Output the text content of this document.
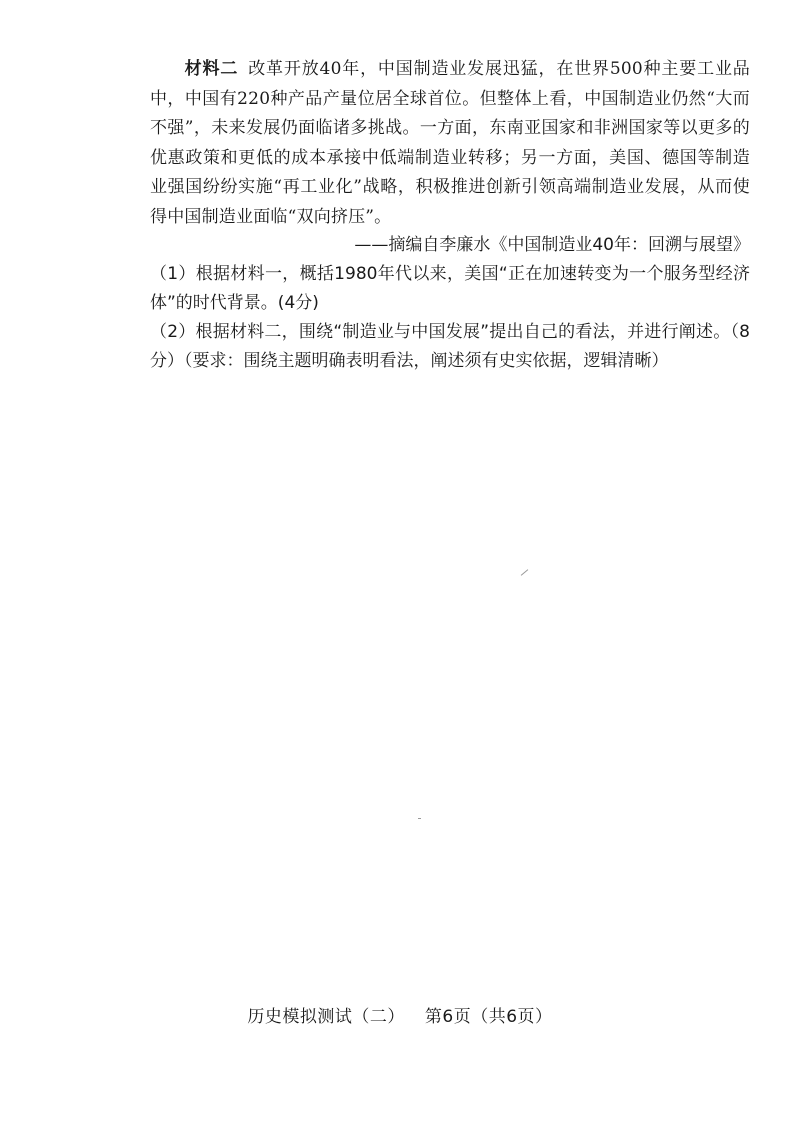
材料二 改革开放40年，中国制造业发展迅猛，在世界500种主要工业品中，中国有220种产品产量位居全球首位。但整体上看，中国制造业仍然“大而不强”，未来发展仍面临诸多挑战。一方面，东南亚国家和非洲国家等以更多的优惠政策和更低的成本承接中低端制造业转移；另一方面，美国、德国等制造业强国纷纷实施“再工业化”战略，积极推进创新引领高端制造业发展，从而使得中国制造业面临“双向挤压”。
——摘编自李廉水《中国制造业40年：回溯与展望》

（1）根据材料一，概括1980年代以来，美国“正在加速转变为一个服务型经济体”的时代背景。(4分)

（2）根据材料二，围绕“制造业与中国发展”提出自己的看法，并进行阐述。（8分）（要求：围绕主题明确表明看法，阐述须有史实依据，逻辑清晰）

历史模拟测试（二） 第6页（共6页）
